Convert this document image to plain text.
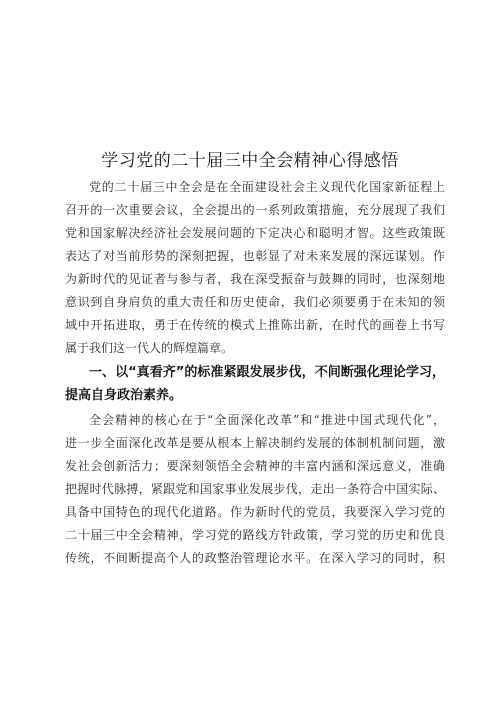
学习党的二十届三中全会精神心得感悟

党的二十届三中全会是在全面建设社会主义现代化国家新征程上

召开的一次重要会议，全会提出的一系列政策措施，充分展现了我们

党和国家解决经济社会发展问题的下定决心和聪明才智。这些政策既

表达了对当前形势的深刻把握，也彰显了对未来发展的深远谋划。作

为新时代的见证者与参与者，我在深受振奋与鼓舞的同时，也深刻地

意识到自身肩负的重大责任和历史使命，我们必须要勇于在未知的领

域中开拓进取，勇于在传统的模式上推陈出新，在时代的画卷上书写

属于我们这一代人的辉煌篇章。

一、以“真看齐”的标准紧跟发展步伐，不间断强化理论学习，

提高自身政治素养。

全会精神的核心在于“全面深化改革”和“推进中国式现代化”，

进一步全面深化改革是要从根本上解决制约发展的体制机制问题，激

发社会创新活力；要深刻领悟全会精神的丰富内涵和深远意义，准确

把握时代脉搏，紧跟党和国家事业发展步伐，走出一条符合中国实际、

具备中国特色的现代化道路。作为新时代的党员，我要深入学习党的

二十届三中全会精神，学习党的路线方针政策，学习党的历史和优良

传统，不间断提高个人的政整治管理论水平。在深入学习的同时，积
